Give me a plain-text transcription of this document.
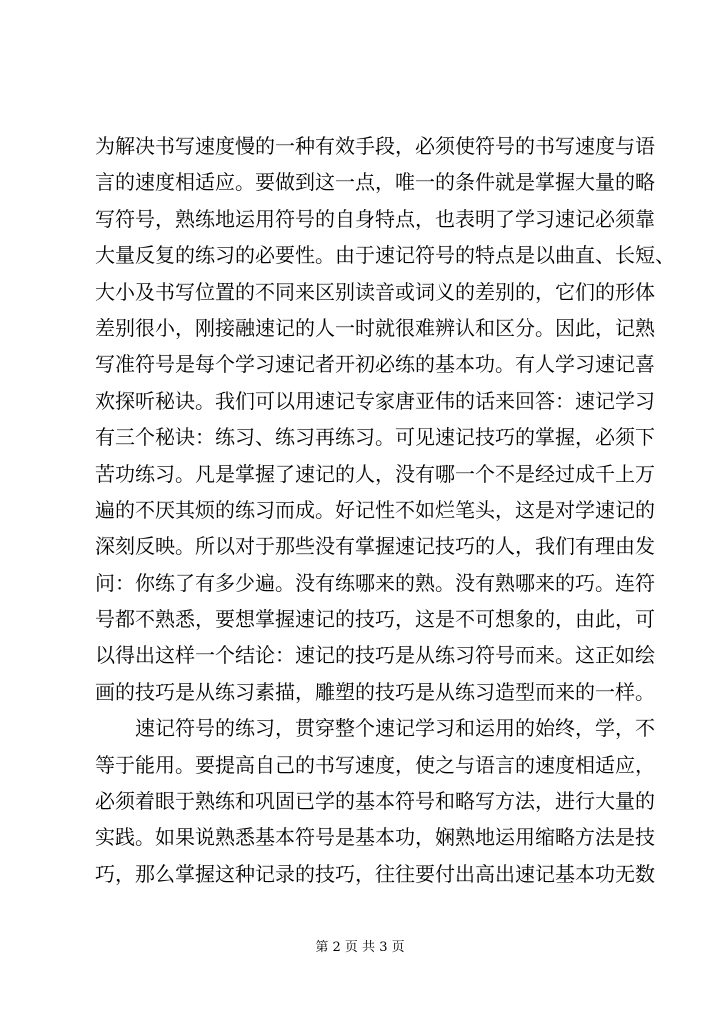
为解决书写速度慢的一种有效手段，必须使符号的书写速度与语
言的速度相适应。要做到这一点，唯一的条件就是掌握大量的略
写符号，熟练地运用符号的自身特点，也表明了学习速记必须靠
大量反复的练习的必要性。由于速记符号的特点是以曲直、长短、
大小及书写位置的不同来区别读音或词义的差别的，它们的形体
差别很小，刚接融速记的人一时就很难辨认和区分。因此，记熟
写准符号是每个学习速记者开初必练的基本功。有人学习速记喜
欢探听秘诀。我们可以用速记专家唐亚伟的话来回答：速记学习
有三个秘诀：练习、练习再练习。可见速记技巧的掌握，必须下
苦功练习。凡是掌握了速记的人，没有哪一个不是经过成千上万
遍的不厌其烦的练习而成。好记性不如烂笔头，这是对学速记的
深刻反映。所以对于那些没有掌握速记技巧的人，我们有理由发
问：你练了有多少遍。没有练哪来的熟。没有熟哪来的巧。连符
号都不熟悉，要想掌握速记的技巧，这是不可想象的，由此，可
以得出这样一个结论：速记的技巧是从练习符号而来。这正如绘
画的技巧是从练习素描，雕塑的技巧是从练习造型而来的一样。
速记符号的练习，贯穿整个速记学习和运用的始终，学，不
等于能用。要提高自己的书写速度，使之与语言的速度相适应，
必须着眼于熟练和巩固已学的基本符号和略写方法，进行大量的
实践。如果说熟悉基本符号是基本功，娴熟地运用缩略方法是技
巧，那么掌握这种记录的技巧，往往要付出高出速记基本功无数
第 2 页 共 3 页
